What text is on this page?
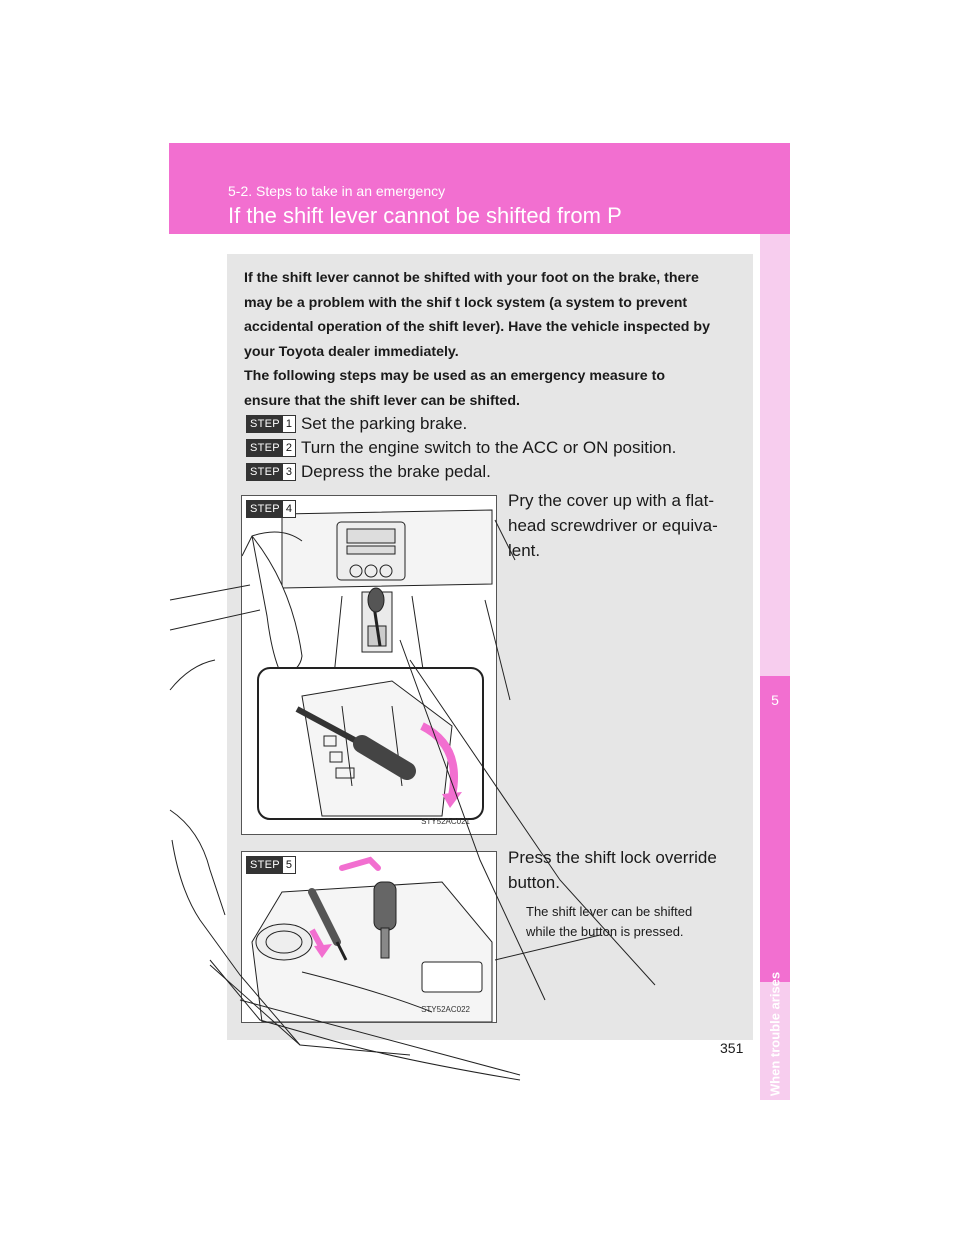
5-2. Steps to take in an emergency
If the shift lever cannot be shifted from P
5
When trouble arises
If the shift lever cannot be shifted with your foot on the brake, there
may be a problem with the shif t lock system (a system to prevent
accidental operation of the shift lever). Have the vehicle inspected by
your Toyota dealer immediately.
The following steps may be used as an emergency measure to
ensure that the shift lever can be shifted.
STEP 1 Set the parking brake.
STEP 2 Turn the engine switch to the ACC or ON position.
STEP 3 Depress the brake pedal.
STEP 4
STY52AC021
Pry the cover up with a flat-
head screwdriver or equiva-
lent.
STEP 5
STY52AC022
Press the shift lock override
button.
The shift lever can be shifted
while the button is pressed.
351
